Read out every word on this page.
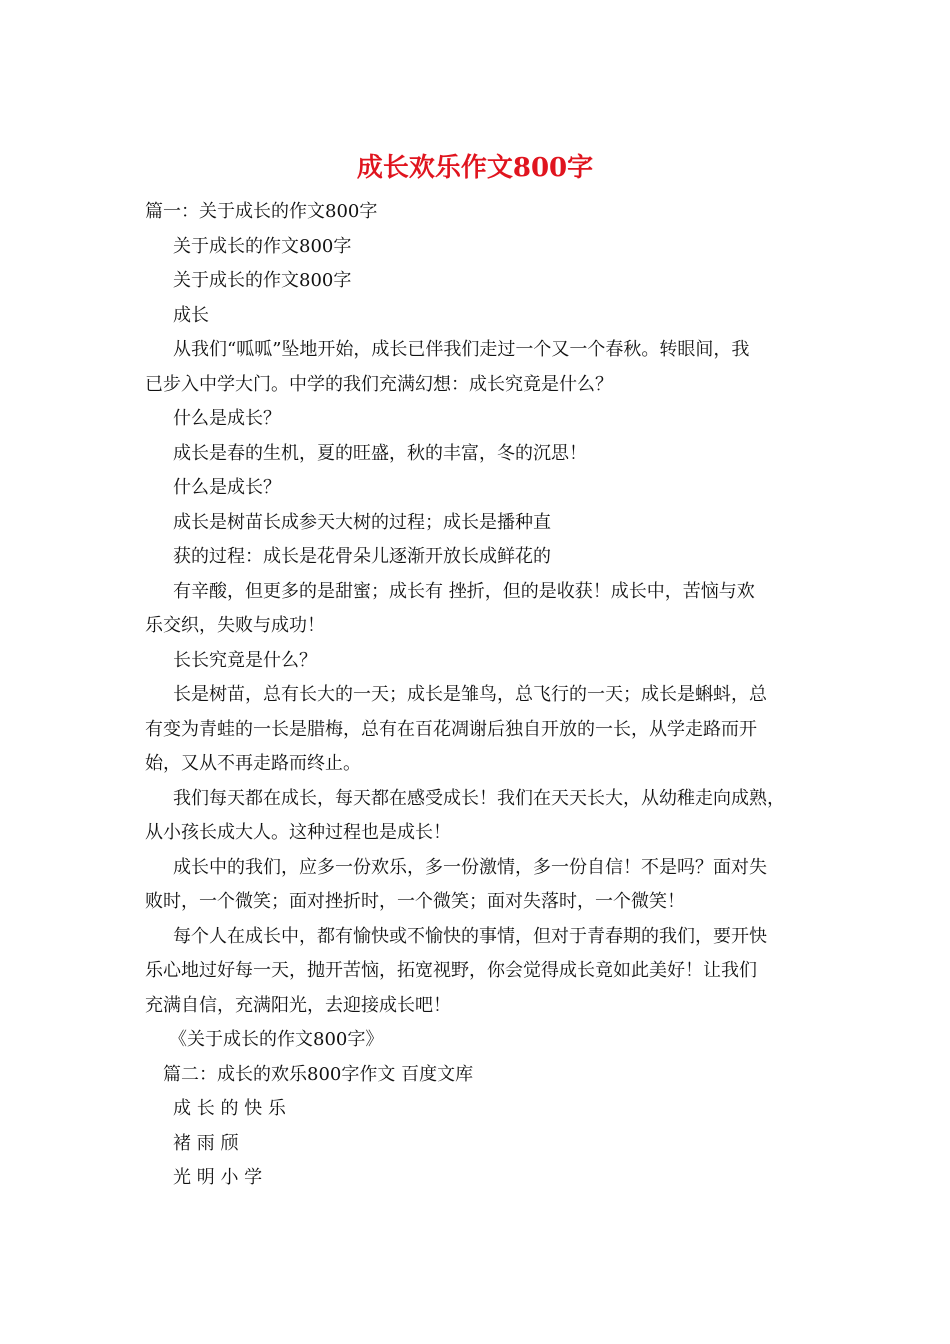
成长欢乐作文800字
篇一：关于成长的作文800字
关于成长的作文800字
关于成长的作文800字
成长
从我们“呱呱”坠地开始，成长已伴我们走过一个又一个春秋。转眼间，我
已步入中学大门。中学的我们充满幻想：成长究竟是什么？
什么是成长？
成长是春的生机，夏的旺盛，秋的丰富，冬的沉思！
什么是成长？
成长是树苗长成参天大树的过程；成长是播种直
获的过程：成长是花骨朵儿逐渐开放长成鲜花的
有辛酸，但更多的是甜蜜；成长有 挫折，但的是收获！成长中，苦恼与欢
乐交织，失败与成功！
长长究竟是什么？
长是树苗，总有长大的一天；成长是雏鸟，总飞行的一天；成长是蝌蚪，总
有变为青蛙的一长是腊梅，总有在百花凋谢后独自开放的一长，从学走路而开
始，又从不再走路而终止。
我们每天都在成长，每天都在感受成长！我们在天天长大，从幼稚走向成熟，
从小孩长成大人。这种过程也是成长！
成长中的我们，应多一份欢乐，多一份激情，多一份自信！不是吗？面对失
败时，一个微笑；面对挫折时，一个微笑；面对失落时，一个微笑！
每个人在成长中，都有愉快或不愉快的事情，但对于青春期的我们，要开快
乐心地过好每一天，抛开苦恼，拓宽视野，你会觉得成长竟如此美好！让我们
充满自信，充满阳光，去迎接成长吧！
《关于成长的作文800字》
篇二：成长的欢乐800字作文 百度文库
成 长 的 快 乐
褚 雨 颀
光 明 小 学
